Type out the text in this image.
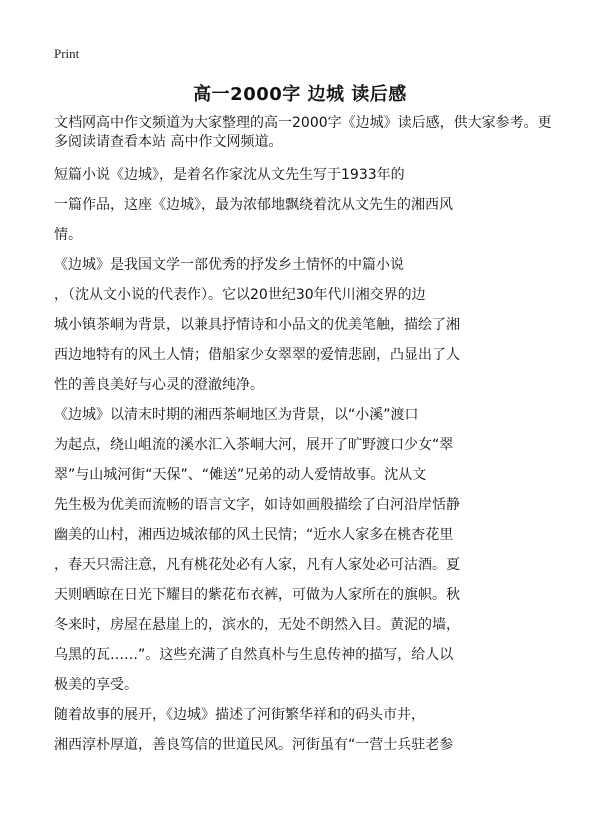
Print
高一2000字 边城 读后感
文档网高中作文频道为大家整理的高一2000字《边城》读后感，供大家参考。更
多阅读请查看本站 高中作文网频道。
短篇小说《边城》，是着名作家沈从文先生写于1933年的
一篇作品，这座《边城》，最为浓郁地飘绕着沈从文先生的湘西风
情。
《边城》是我国文学一部优秀的抒发乡土情怀的中篇小说
，（沈从文小说的代表作）。它以20世纪30年代川湘交界的边
城小镇茶峒为背景，以兼具抒情诗和小品文的优美笔触，描绘了湘
西边地特有的风土人情；借船家少女翠翠的爱情悲剧，凸显出了人
性的善良美好与心灵的澄澈纯净。
《边城》以清末时期的湘西茶峒地区为背景，以“小溪”渡口
为起点，绕山岨流的溪水汇入茶峒大河，展开了旷野渡口少女“翠
翠”与山城河街“天保”、“傩送”兄弟的动人爱情故事。沈从文
先生极为优美而流畅的语言文字，如诗如画般描绘了白河沿岸恬静
幽美的山村，湘西边城浓郁的风土民情；“近水人家多在桃杏花里
，春天只需注意，凡有桃花处必有人家，凡有人家处必可沽酒。夏
天则晒晾在日光下耀目的紫花布衣裤，可做为人家所在的旗帜。秋
冬来时，房屋在悬崖上的，滨水的，无处不朗然入目。黄泥的墙，
乌黑的瓦……”。这些充满了自然真朴与生息传神的描写，给人以
极美的享受。
随着故事的展开，《边城》描述了河街繁华祥和的码头市井，
湘西淳朴厚道，善良笃信的世道民风。河街虽有“一营士兵驻老参
